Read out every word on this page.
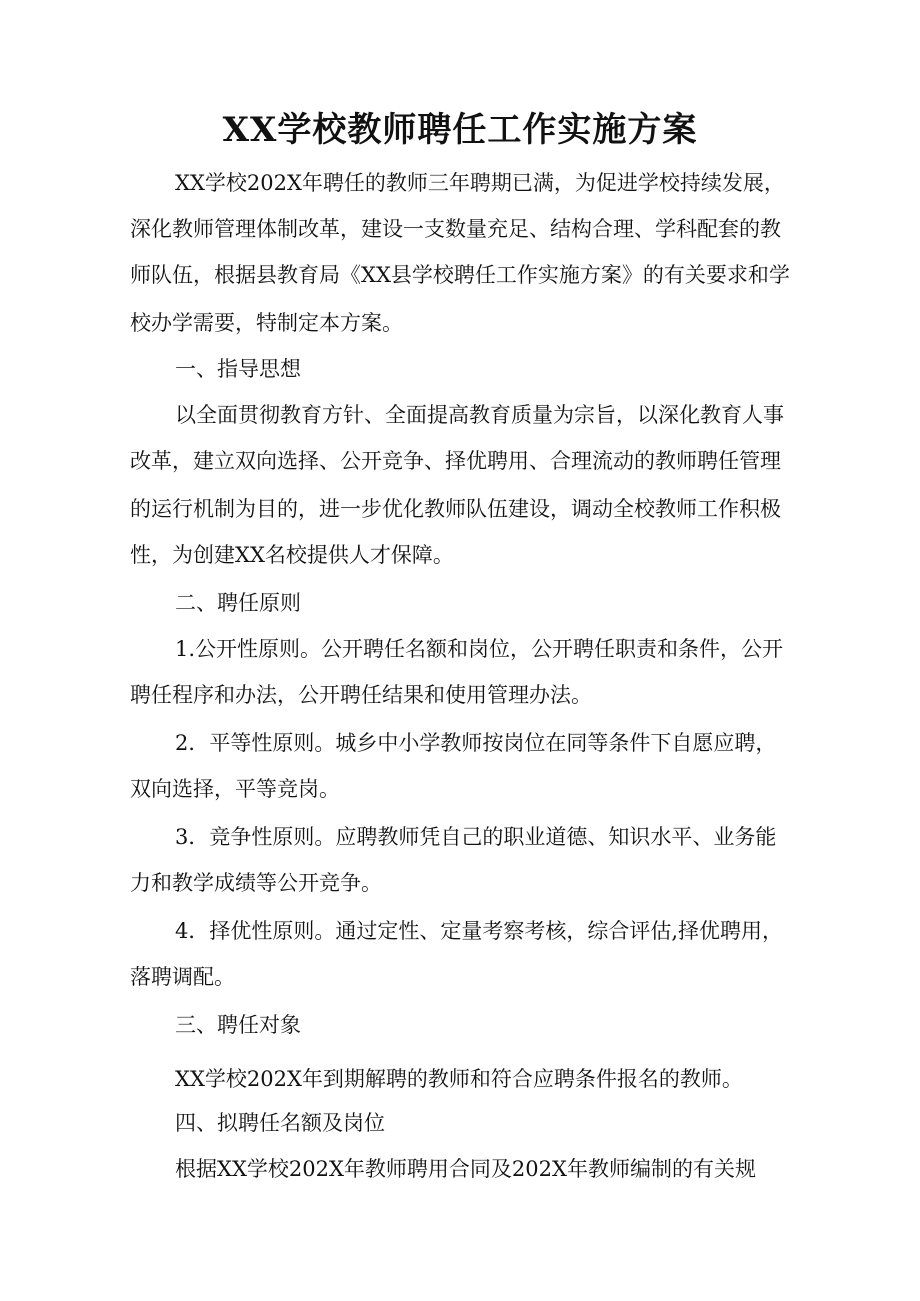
XX学校教师聘任工作实施方案
XX学校202X年聘任的教师三年聘期已满，为促进学校持续发展，
深化教师管理体制改革，建设一支数量充足、结构合理、学科配套的教
师队伍，根据县教育局《XX县学校聘任工作实施方案》的有关要求和学
校办学需要，特制定本方案。
一、指导思想
以全面贯彻教育方针、全面提高教育质量为宗旨，以深化教育人事
改革，建立双向选择、公开竞争、择优聘用、合理流动的教师聘任管理
的运行机制为目的，进一步优化教师队伍建设，调动全校教师工作积极
性，为创建XX名校提供人才保障。
二、聘任原则
1.公开性原则。公开聘任名额和岗位，公开聘任职责和条件，公开
聘任程序和办法，公开聘任结果和使用管理办法。
2．平等性原则。城乡中小学教师按岗位在同等条件下自愿应聘，
双向选择，平等竞岗。
3．竞争性原则。应聘教师凭自己的职业道德、知识水平、业务能
力和教学成绩等公开竞争。
4．择优性原则。通过定性、定量考察考核，综合评估,择优聘用，
落聘调配。
三、聘任对象
XX学校202X年到期解聘的教师和符合应聘条件报名的教师。
四、拟聘任名额及岗位
根据XX学校202X年教师聘用合同及202X年教师编制的有关规
